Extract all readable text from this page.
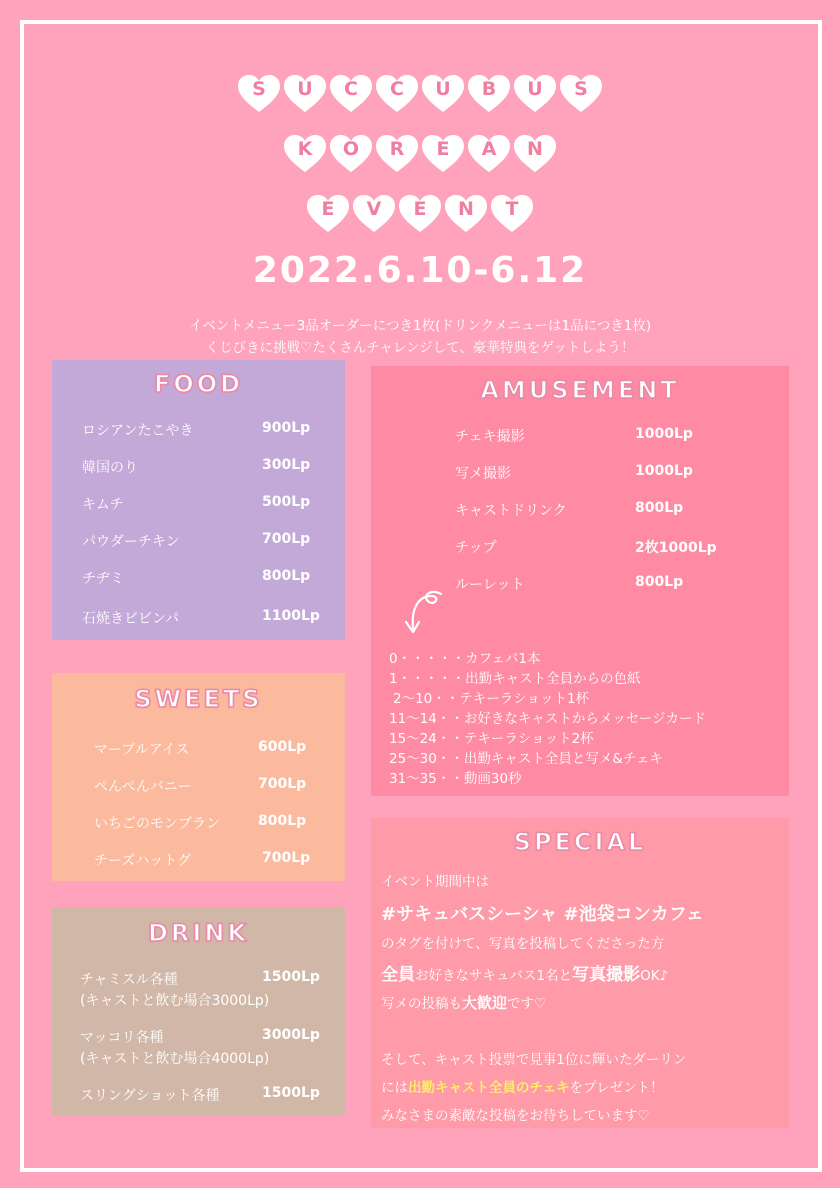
S	U	C	C	U	B	U	S
K	O	R	E	A	N
E	V	E	N	T
2022.6.10-6.12
イベントメニュー3品オーダーにつき1枚(ドリンクメニューは1品につき1枚)
くじびきに挑戦♡たくさんチャレンジして、豪華特典をゲットしよう！
FOOD
ロシアンたこやき	900Lp
韓国のり	300Lp
キムチ	500Lp
パウダーチキン	700Lp
チヂミ	800Lp
石焼きビビンパ	1100Lp
SWEETS
マーブルアイス	600Lp
ぺんぺんバニー	700Lp
いちごのモンブラン	800Lp
チーズハットグ	700Lp
DRINK
チャミスル各種	1500Lp
(キャストと飲む場合3000Lp)
マッコリ各種	3000Lp
(キャストと飲む場合4000Lp)
スリングショット各種	1500Lp
AMUSEMENT
チェキ撮影	1000Lp
写メ撮影	1000Lp
キャストドリンク	800Lp
チップ	2枚1000Lp
ルーレット	800Lp
0・・・・・カフェパ1本
1・・・・・出勤キャスト全員からの色紙
2〜10・・テキーラショット1杯
11〜14・・お好きなキャストからメッセージカード
15〜24・・テキーラショット2杯
25〜30・・出勤キャスト全員と写メ&チェキ
31〜35・・動画30秒
SPECIAL
イベント期間中は
#サキュバスシーシャ #池袋コンカフェ
のタグを付けて、写真を投稿してくださった方
全員お好きなサキュバス1名と写真撮影OK♪
写メの投稿も大歓迎です♡
そして、キャスト投票で見事1位に輝いたダーリン
には出勤キャスト全員のチェキをプレゼント！
みなさまの素敵な投稿をお待ちしています♡
